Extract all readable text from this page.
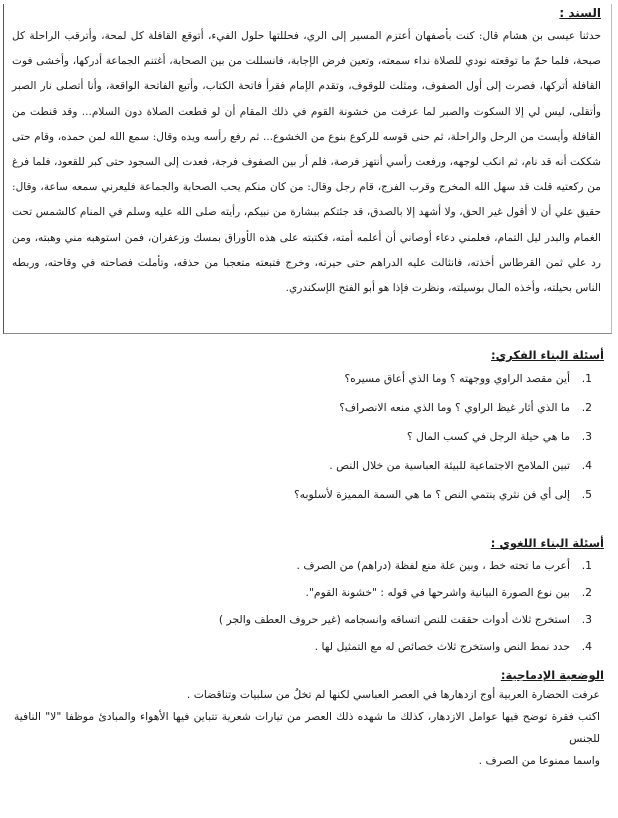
السند :

حدثنا عيسى بن هشام قال: كنت بأصفهان أعتزم المسير إلى الري، فحللتها حلول الفيء، أتوقع القافلة كل لمحة، وأترقب الراحلة كل صبحة، فلما حمّ ما توقعته نودي للصلاة نداء سمعته، وتعين فرض الإجابة، فانسللت من بين الصحابة، أغتنم الجماعة أدركها، وأخشى فوت القافلة أتركها، فصرت إلى أول الصفوف، ومثلت للوقوف، وتقدم الإمام فقرأ فاتحة الكتاب، وأتبع الفاتحة الواقعة، وأنا أتصلى نار الصبر وأتقلى، ليس لي إلا السكوت والصبر لما عرفت من خشونة القوم في ذلك المقام أن لو قطعت الصلاة دون السلام... وقد قنطت من القافلة وأيست من الرحل والراحلة، ثم حنى قوسه للركوع بنوع من الخشوع... ثم رفع رأسه ويده وقال: سمع الله لمن حمده، وقام حتى شككت أنه قد نام، ثم انكب لوجهه، ورفعت رأسي أنتهز فرصة، فلم أر بين الصفوف فرجة، فعدت إلى السجود حتى كبر للقعود، فلما فرغ من ركعتيه قلت قد سهل الله المخرج وقرب الفرج، قام رجل وقال: من كان منكم يحب الصحابة والجماعة فليعرني سمعه ساعة، وقال: حقيق علي أن لا أقول غير الحق، ولا أشهد إلا بالصدق، قد جئتكم ببشارة من نبيكم، رأيته صلى الله عليه وسلم في المنام كالشمس تحت الغمام والبدر ليل التمام، فعلمني دعاء أوصاني أن أعلمه أمته، فكتبته على هذه الأوراق بمسك وزعفران، فمن استوهبه مني وهبته، ومن رد علي ثمن القرطاس أخذته، فانثالت عليه الدراهم حتى حيرته، وخرج فتبعته متعجبا من حذقه، وتأملت فصاحته في وقاحته، وربطه الناس بحيلته، وأخذه المال بوسيلته، ونظرت فإذا هو أبو الفتح الإسكندري.

أسئلة البناء الفكري:
1.
أين مقصد الراوي ووجهته ؟ وما الذي أعاق مسيره؟
2.
ما الذي أثار غيظ الراوي ؟ وما الذي منعه الانصراف؟
3.
ما هي حيلة الرجل في كسب المال ؟
4.
تبين الملامح الاجتماعية للبيئة العباسية من خلال النص .
5.
إلى أي فن نثري ينتمي النص ؟ ما هي السمة المميزة لأسلوبه؟
أسئلة البناء اللغوي :
1.
أعرب ما تحته خط ، وبين علة منع لفظة (دراهم) من الصرف .
2.
بين نوع الصورة البيانية واشرحها في قوله : "خشونة القوم".
3.
استخرج ثلاث أدوات حققت للنص اتساقه وانسجامه (غير حروف العطف والجر )
4.
حدد نمط النص واستخرج ثلاث خصائص له مع التمثيل لها .
الوضعية الإدماجية:

عرفت الحضارة العربية أوج ازدهارها في العصر العباسي لكنها لم تخلُ من سلبيات وتناقضات .

اكتب فقرة توضح فيها عوامل الازدهار، كذلك ما شهده ذلك العصر من تيارات شعرية تتباين فيها الأهواء والمبادئ موظفا "لا" النافية للجنس

واسما ممنوعا من الصرف .
